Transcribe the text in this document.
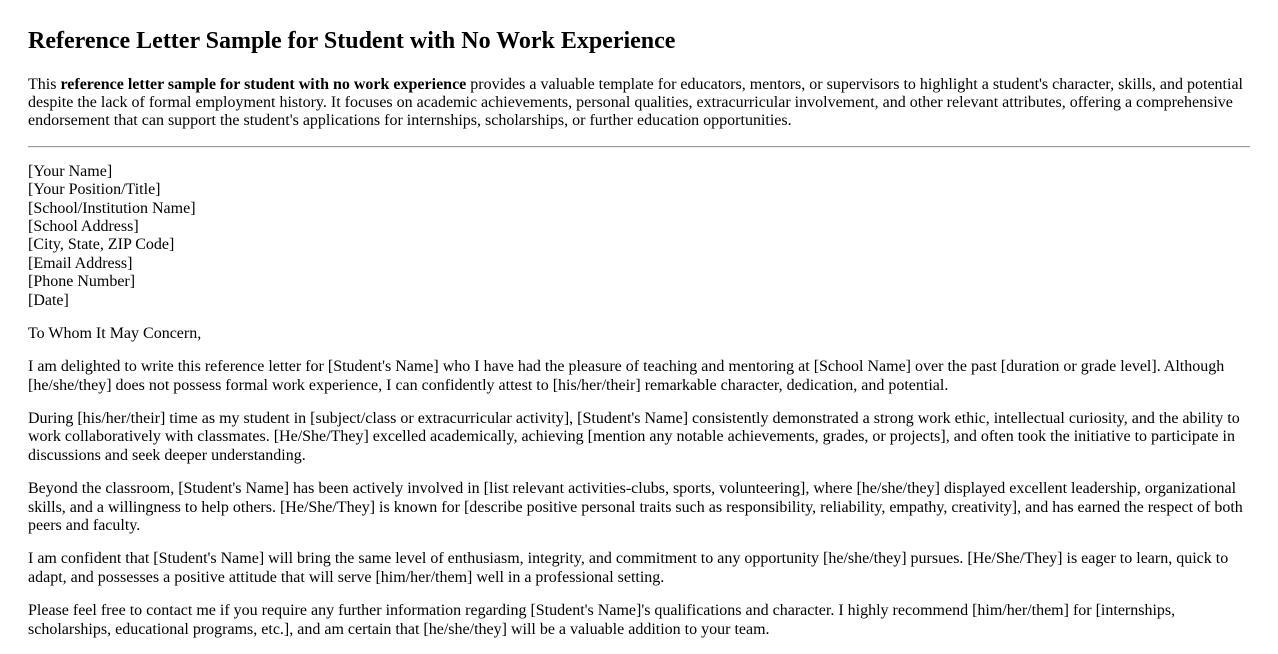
Reference Letter Sample for Student with No Work Experience

This reference letter sample for student with no work experience provides a valuable template for educators, mentors, or supervisors to highlight a student's character, skills, and potential despite the lack of formal employment history. It focuses on academic achievements, personal qualities, extracurricular involvement, and other relevant attributes, offering a comprehensive endorsement that can support the student's applications for internships, scholarships, or further education opportunities.

[Your Name]
[Your Position/Title]
[School/Institution Name]
[School Address]
[City, State, ZIP Code]
[Email Address]
[Phone Number]
[Date]

To Whom It May Concern,

I am delighted to write this reference letter for [Student's Name] who I have had the pleasure of teaching and mentoring at [School Name] over the past [duration or grade level]. Although [he/she/they] does not possess formal work experience, I can confidently attest to [his/her/their] remarkable character, dedication, and potential.

During [his/her/their] time as my student in [subject/class or extracurricular activity], [Student's Name] consistently demonstrated a strong work ethic, intellectual curiosity, and the ability to work collaboratively with classmates. [He/She/They] excelled academically, achieving [mention any notable achievements, grades, or projects], and often took the initiative to participate in discussions and seek deeper understanding.

Beyond the classroom, [Student's Name] has been actively involved in [list relevant activities-clubs, sports, volunteering], where [he/she/they] displayed excellent leadership, organizational skills, and a willingness to help others. [He/She/They] is known for [describe positive personal traits such as responsibility, reliability, empathy, creativity], and has earned the respect of both peers and faculty.

I am confident that [Student's Name] will bring the same level of enthusiasm, integrity, and commitment to any opportunity [he/she/they] pursues. [He/She/They] is eager to learn, quick to adapt, and possesses a positive attitude that will serve [him/her/them] well in a professional setting.

Please feel free to contact me if you require any further information regarding [Student's Name]'s qualifications and character. I highly recommend [him/her/them] for [internships, scholarships, educational programs, etc.], and am certain that [he/she/they] will be a valuable addition to your team.
